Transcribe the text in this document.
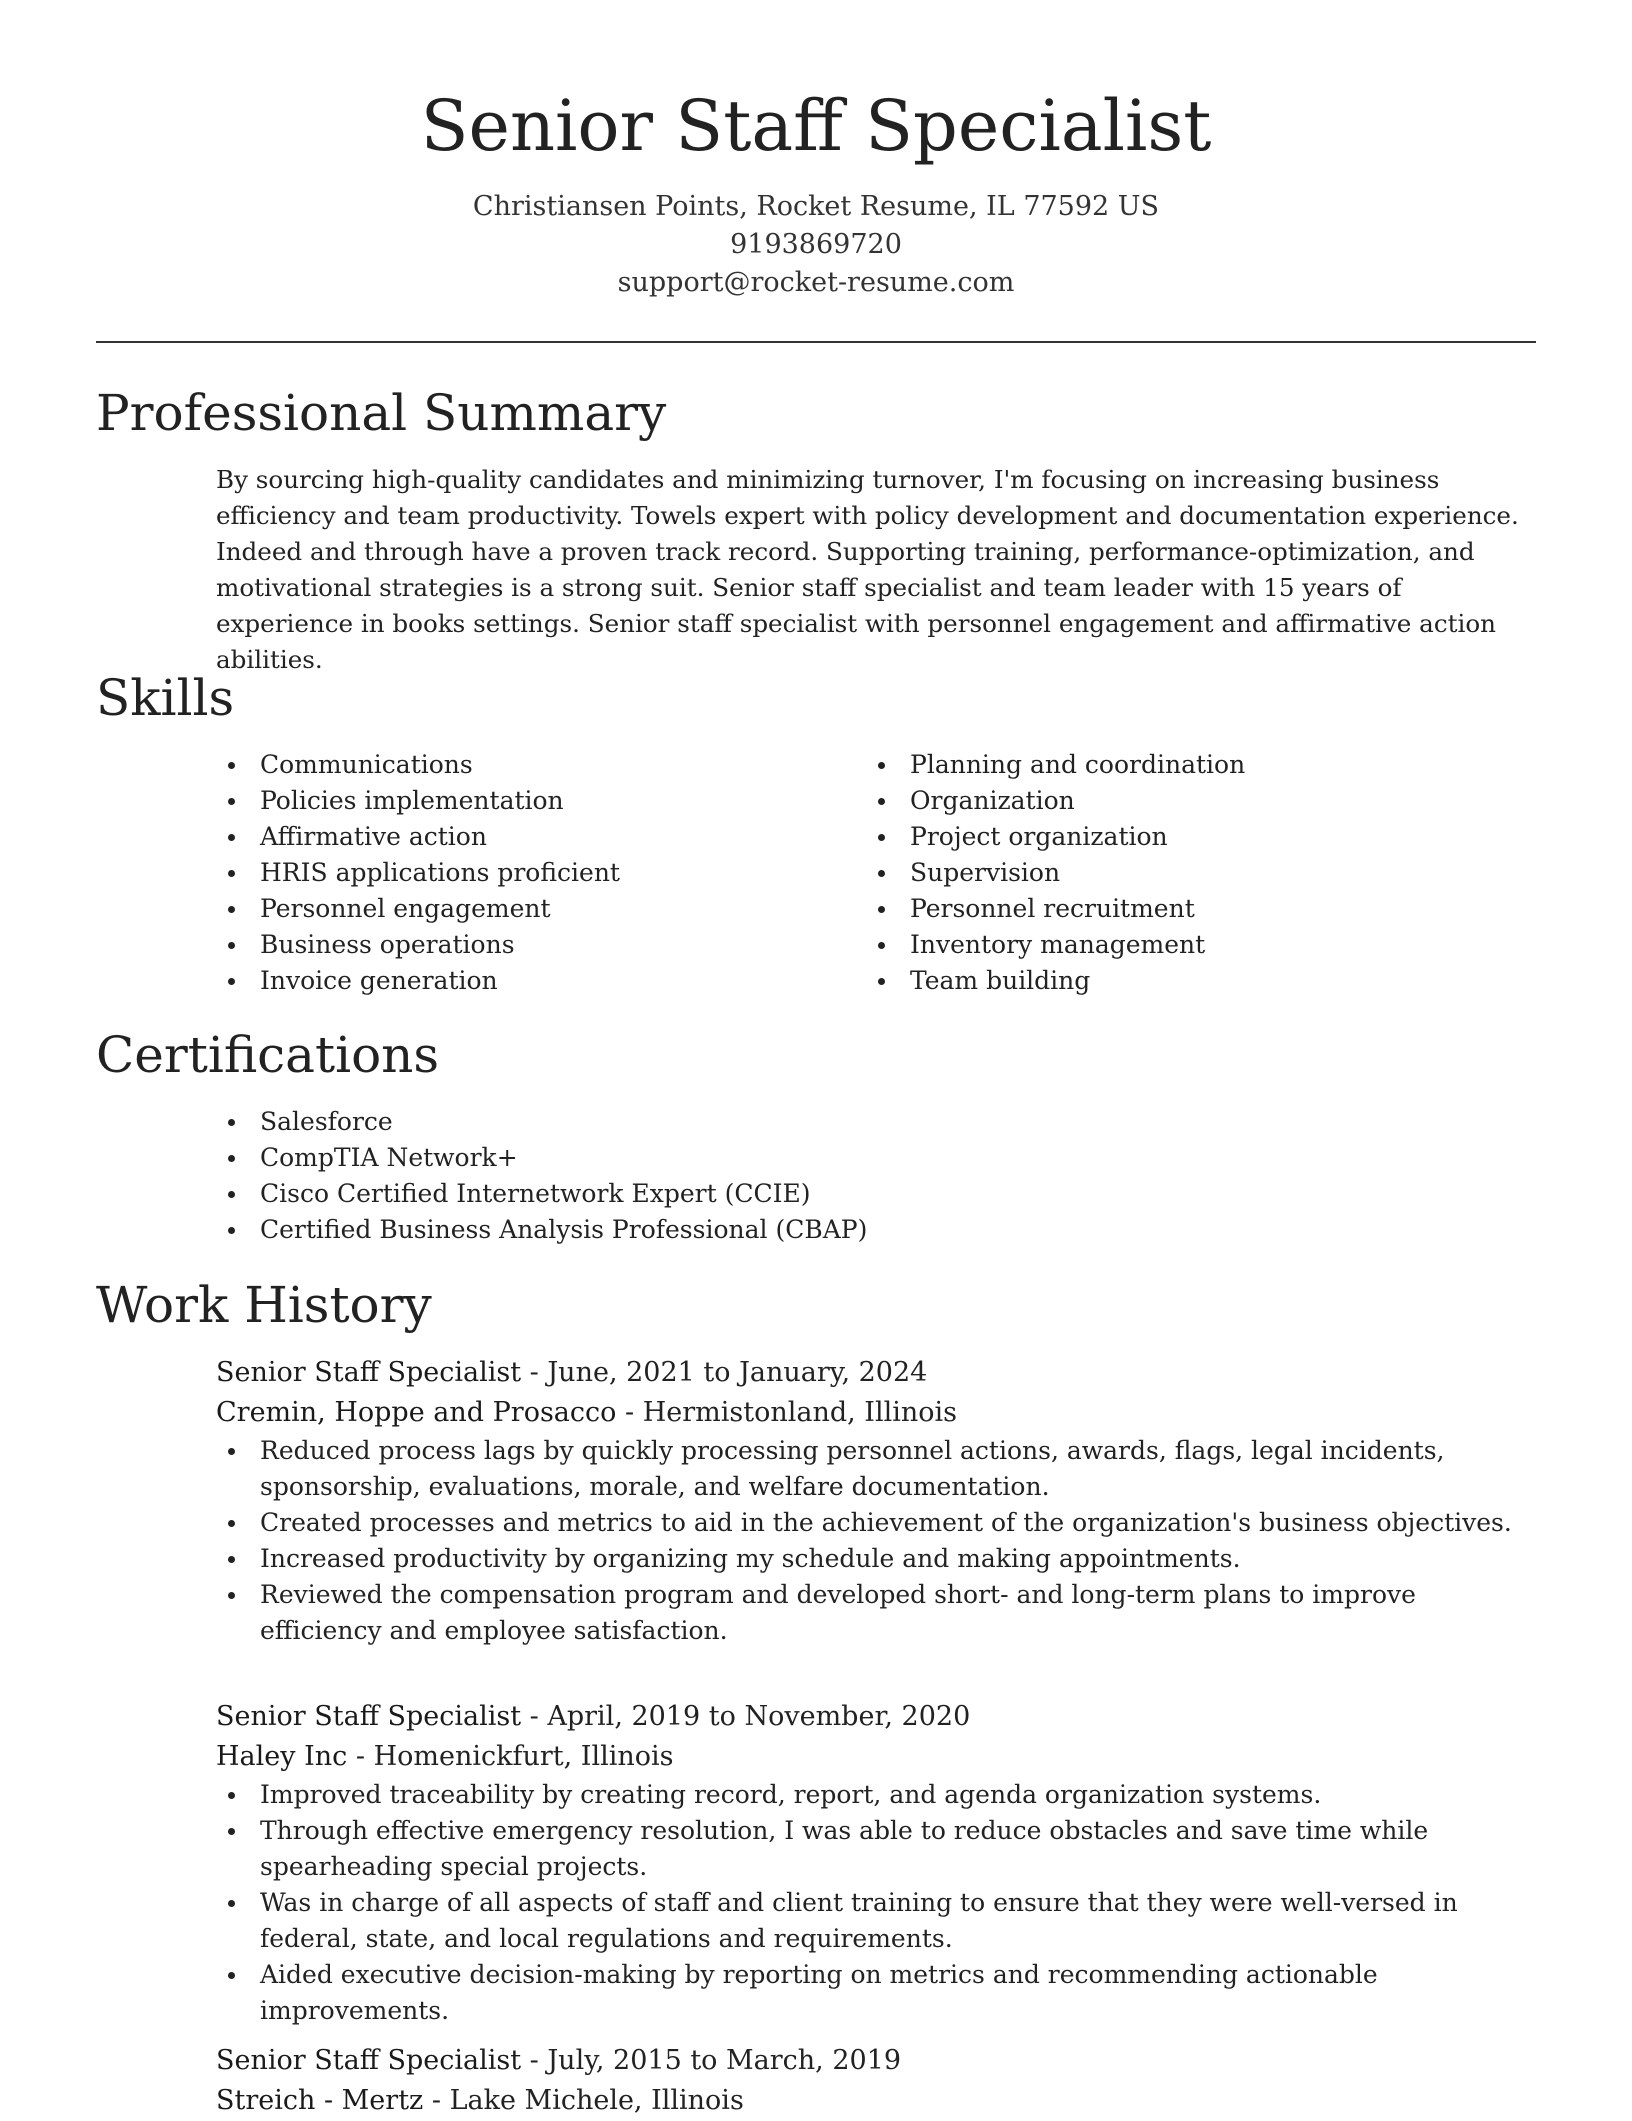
Senior Staff Specialist
Christiansen Points, Rocket Resume, IL 77592 US
9193869720
support@rocket-resume.com
Professional Summary

By sourcing high-quality candidates and minimizing turnover, I'm focusing on increasing business efficiency and team productivity. Towels expert with policy development and documentation experience. Indeed and through have a proven track record. Supporting training, performance-optimization, and motivational strategies is a strong suit. Senior staff specialist and team leader with 15 years of experience in books settings. Senior staff specialist with personnel engagement and affirmative action abilities.

Skills
Communications
Policies implementation
Affirmative action
HRIS applications proficient
Personnel engagement
Business operations
Invoice generation
Planning and coordination
Organization
Project organization
Supervision
Personnel recruitment
Inventory management
Team building
Certifications
Salesforce
CompTIA Network+
Cisco Certified Internetwork Expert (CCIE)
Certified Business Analysis Professional (CBAP)
Work History
Senior Staff Specialist - June, 2021 to January, 2024
Cremin, Hoppe and Prosacco - Hermistonland, Illinois
Reduced process lags by quickly processing personnel actions, awards, flags, legal incidents, sponsorship, evaluations, morale, and welfare documentation.
Created processes and metrics to aid in the achievement of the organization's business objectives.
Increased productivity by organizing my schedule and making appointments.
Reviewed the compensation program and developed short- and long-term plans to improve efficiency and employee satisfaction.
Senior Staff Specialist - April, 2019 to November, 2020
Haley Inc - Homenickfurt, Illinois
Improved traceability by creating record, report, and agenda organization systems.
Through effective emergency resolution, I was able to reduce obstacles and save time while spearheading special projects.
Was in charge of all aspects of staff and client training to ensure that they were well-versed in federal, state, and local regulations and requirements.
Aided executive decision-making by reporting on metrics and recommending actionable improvements.
Senior Staff Specialist - July, 2015 to March, 2019
Streich - Mertz - Lake Michele, Illinois
